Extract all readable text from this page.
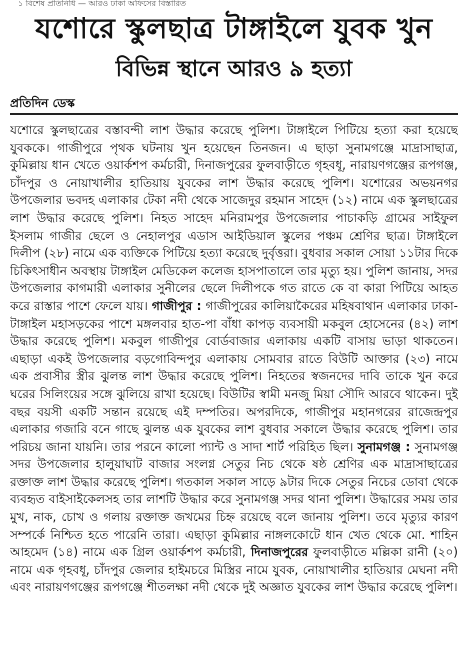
১ বিশেষ প্রতিনিধি — আরও ঢাকা অফিসের বিস্তারিত
যশোরে স্কুলছাত্র টাঙ্গাইলে যুবক খুন
বিভিন্ন স্থানে আরও ৯ হত্যা
প্রতিদিন ডেস্ক
যশোরে স্কুলছাত্রের বস্তাবন্দী লাশ উদ্ধার করেছে পুলিশ। টাঙ্গাইলে পিটিয়ে হত্যা করা হয়েছে যুবককে। গাজীপুরে পৃথক ঘটনায় খুন হয়েছেন তিনজন। এ ছাড়া সুনামগঞ্জে মাদ্রাসাছাত্র, কুমিল্লায় ধান খেতে ওয়ার্কশপ কর্মচারী, দিনাজপুরের ফুলবাড়ীতে গৃহবধূ, নারায়ণগঞ্জের রূপগঞ্জ, চাঁদপুর ও নোয়াখালীর হাতিয়ায় যুবকের লাশ উদ্ধার করেছে পুলিশ। যশোরের অভয়নগর উপজেলার ভবদহ এলাকার টেকা নদী থেকে সাজেদুর রহমান সাহেদ (১২) নামে এক স্কুলছাত্রের লাশ উদ্ধার করেছে পুলিশ। নিহত সাহেদ মনিরামপুর উপজেলার পাচাকড়ি গ্রামের সাইফুল ইসলাম গাজীর ছেলে ও নেহালপুর এডাস আইডিয়াল স্কুলের পঞ্চম শ্রেণির ছাত্র। টাঙ্গাইলে দিলীপ (২৮) নামে এক ব্যক্তিকে পিটিয়ে হত্যা করেছে দুর্বৃত্তরা। বুধবার সকাল সোয়া ১১টার দিকে চিকিৎসাধীন অবস্থায় টাঙ্গাইল মেডিকেল কলেজ হাসপাতালে তার মৃত্যু হয়। পুলিশ জানায়, সদর উপজেলার কাগমারী এলাকার সুনীলের ছেলে দিলীপকে গত রাতে কে বা কারা পিটিয়ে আহত করে রাস্তার পাশে ফেলে যায়। গাজীপুর : গাজীপুরের কালিয়াকৈরের মহিষবাথান এলাকার ঢাকা-টাঙ্গাইল মহাসড়কের পাশে মঙ্গলবার হাত-পা বাঁধা কাপড় ব্যবসায়ী মকবুল হোসেনের (৪২) লাশ উদ্ধার করেছে পুলিশ। মকবুল গাজীপুর বোর্ডবাজার এলাকায় একটি বাসায় ভাড়া থাকতেন। এছাড়া একই উপজেলার বড়গোবিন্দপুর এলাকায় সোমবার রাতে বিউটি আক্তার (২৩) নামে এক প্রবাসীর স্ত্রীর ঝুলন্ত লাশ উদ্ধার করেছে পুলিশ। নিহতের স্বজনদের দাবি তাকে খুন করে ঘরের সিলিংয়ের সঙ্গে ঝুলিয়ে রাখা হয়েছে। বিউটির স্বামী মনজু মিয়া সৌদি আরবে থাকেন। দুই বছর বয়সী একটি সন্তান রয়েছে এই দম্পতির। অপরদিকে, গাজীপুর মহানগরের রাজেন্দ্রপুর এলাকার গজারি বনে গাছে ঝুলন্ত এক যুবকের লাশ বুধবার সকালে উদ্ধার করেছে পুলিশ। তার পরিচয় জানা যায়নি। তার পরনে কালো প্যান্ট ও সাদা শার্ট পরিহিত ছিল। সুনামগঞ্জ : সুনামগঞ্জ সদর উপজেলার হালুয়াঘাট বাজার সংলগ্ন সেতুর নিচ থেকে ষষ্ঠ শ্রেণির এক মাদ্রাসাছাত্রের রক্তাক্ত লাশ উদ্ধার করেছে পুলিশ। গতকাল সকাল সাড়ে ৯টার দিকে সেতুর নিচের ডোবা থেকে ব্যবহৃত বাইসাইকেলসহ তার লাশটি উদ্ধার করে সুনামগঞ্জ সদর থানা পুলিশ। উদ্ধারের সময় তার মুখ, নাক, চোখ ও গলায় রক্তাক্ত জখমের চিহ্ন রয়েছে বলে জানায় পুলিশ। তবে মৃত্যুর কারণ সম্পর্কে নিশ্চিত হতে পারেনি তারা। এছাড়া কুমিল্লার নাঙ্গলকোটে ধান খেত থেকে মো. শাহিন আহমেদ (১৪) নামে এক গ্রিল ওয়ার্কশপ কর্মচারী, দিনাজপুরের ফুলবাড়ীতে মল্লিকা রানী (২০) নামে এক গৃহবধূ, চাঁদপুর জেলার হাইমচরে মিস্ত্রির নামে যুবক, নোয়াখালীর হাতিয়ার মেঘনা নদী এবং নারায়ণগঞ্জের রূপগঞ্জে শীতলক্ষা নদী থেকে দুই অজ্ঞাত যুবকের লাশ উদ্ধার করেছে পুলিশ।
